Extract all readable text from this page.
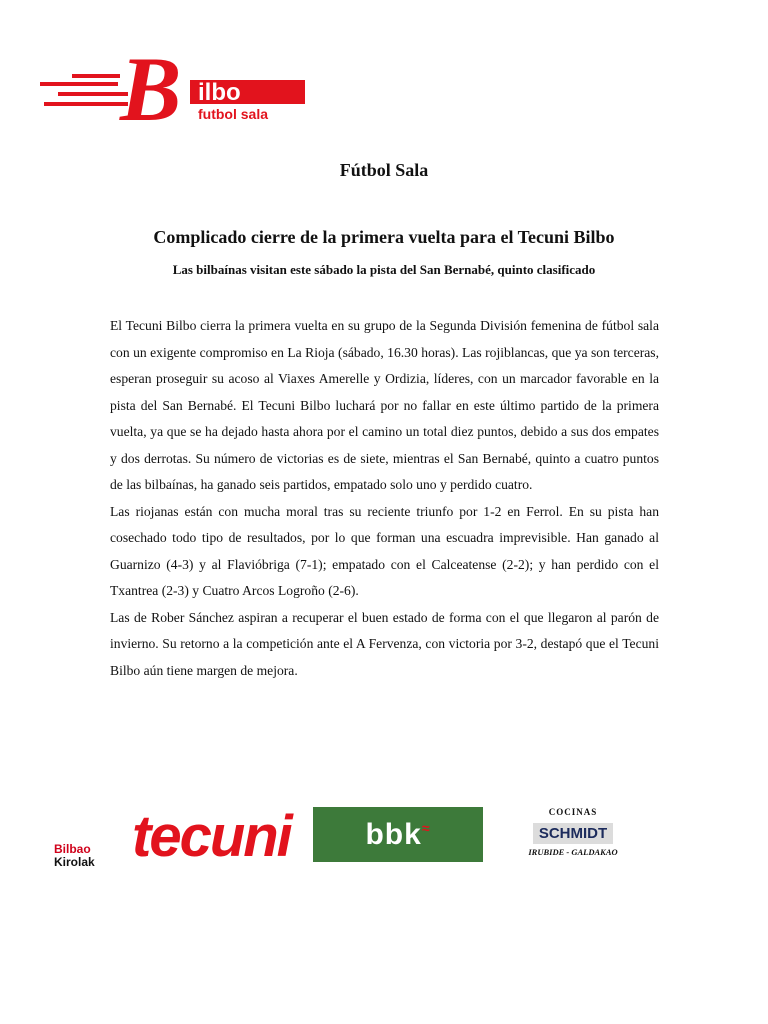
B ilbo
futbol sala
Fútbol Sala
Complicado cierre de la primera vuelta para el Tecuni Bilbo
Las bilbaínas visitan este sábado la pista del San Bernabé, quinto clasificado

El Tecuni Bilbo cierra la primera vuelta en su grupo de la Segunda División femenina de fútbol sala con un exigente compromiso en La Rioja (sábado, 16.30 horas). Las rojiblancas, que ya son terceras, esperan proseguir su acoso al Viaxes Amerelle y Ordizia, líderes, con un marcador favorable en la pista del San Bernabé. El Tecuni Bilbo luchará por no fallar en este último partido de la primera vuelta, ya que se ha dejado hasta ahora por el camino un total diez puntos, debido a sus dos empates y dos derrotas. Su número de victorias es de siete, mientras el San Bernabé, quinto a cuatro puntos de las bilbaínas, ha ganado seis partidos, empatado solo uno y perdido cuatro.

Las riojanas están con mucha moral tras su reciente triunfo por 1-2 en Ferrol. En su pista han cosechado todo tipo de resultados, por lo que forman una escuadra imprevisible. Han ganado al Guarnizo (4-3) y al Flavióbriga (7-1); empatado con el Calceatense (2-2); y han perdido con el Txantrea (2-3) y Cuatro Arcos Logroño (2-6).

Las de Rober Sánchez aspiran a recuperar el buen estado de forma con el que llegaron al parón de invierno. Su retorno a la competición ante el A Fervenza, con victoria por 3-2, destapó que el Tecuni Bilbo aún tiene margen de mejora.

Bilbao
Kirolak tecuni bbk≈
COCINAS
SCHMIDT
IRUBIDE - GALDAKAO
